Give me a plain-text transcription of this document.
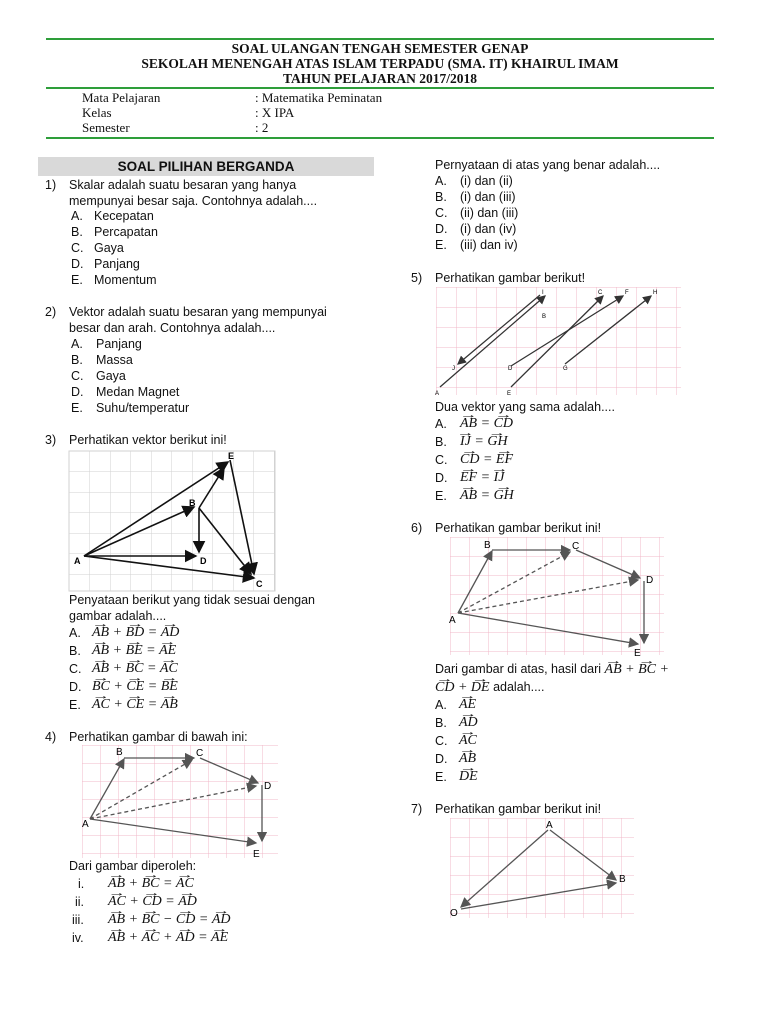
SOAL ULANGAN TENGAH SEMESTER GENAP
SEKOLAH MENENGAH ATAS ISLAM TERPADU (SMA. IT) KHAIRUL IMAM
TAHUN PELAJARAN 2017/2018
Mata Pelajaran	: Matematika Peminatan
Kelas	: X IPA
Semester	: 2
SOAL PILIHAN BERGANDA
1) Skalar adalah suatu besaran yang hanya
mempunyai besar saja. Contohnya adalah....
A. Kecepatan
B. Percapatan
C. Gaya
D. Panjang
E. Momentum
2) Vektor adalah suatu besaran yang mempunyai
besar dan arah. Contohnya adalah....
A. Panjang
B. Massa
C. Gaya
D. Medan Magnet
E. Suhu/temperatur
3) Perhatikan vektor berikut ini!
A
B
C
D
E
Penyataan berikut yang tidak sesuai dengan
gambar adalah....
A. → AB + → BD = → AD
B. → AB + → BE = → AE
C. → AB + → BC = → AC
D. → BC + → CE = → BE
E. → AC + → CE = → AB
4) Perhatikan gambar di bawah ini:
A
B	C
D
E
Dari gambar diperoleh:
i. → AB + → BC = → AC
ii. → AC + → CD = → AD
iii. → AB + → BC − → CD = → AD
iv. → AB + → AC + → AD = → AE
Pernyataan di atas yang benar adalah....
A. (i) dan (ii)
B. (i) dan (iii)
C. (ii) dan (iii)
D. (i) dan (iv)
E. (iii) dan iv)
5) Perhatikan gambar berikut!
A
B
C
D
E
F
G
H
I
J
Dua vektor yang sama adalah....
A. → AB = → CD
B. → IJ = → GH
C. → CD = → EF
D. → EF = → IJ
E. → AB = → GH
6) Perhatikan gambar berikut ini!
A
B	C
D
E
Dari gambar di atas, hasil dari → AB + → BC +
→ CD + → DE adalah....
A. → AE
B. → AD
C. → AC
D. → AB
E. → DE
7) Perhatikan gambar berikut ini!
A
B
O
